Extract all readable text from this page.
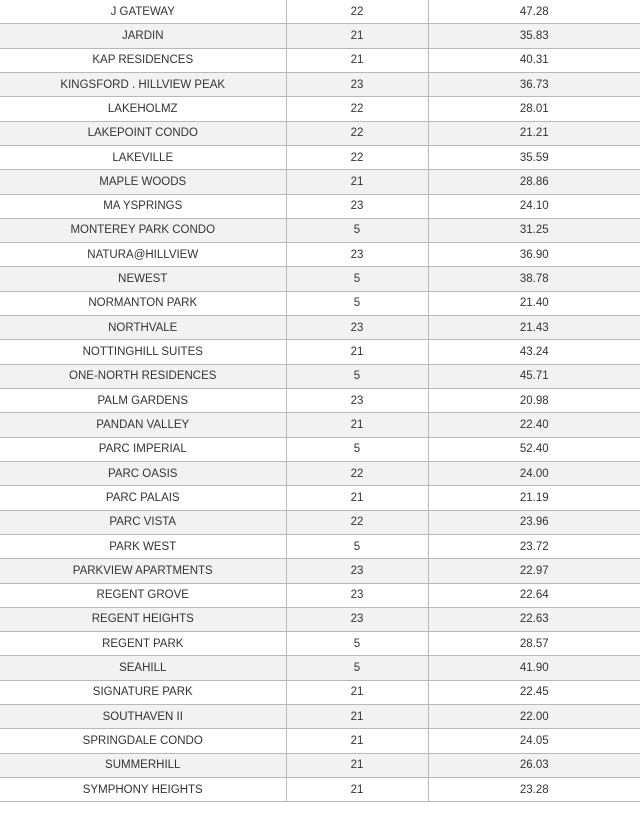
J GATEWAY	22	47.28
JARDIN	21	35.83
KAP RESIDENCES	21	40.31
KINGSFORD . HILLVIEW PEAK	23	36.73
LAKEHOLMZ	22	28.01
LAKEPOINT CONDO	22	21.21
LAKEVILLE	22	35.59
MAPLE WOODS	21	28.86
MA YSPRINGS	23	24.10
MONTEREY PARK CONDO	5	31.25
NATURA@HILLVIEW	23	36.90
NEWEST	5	38.78
NORMANTON PARK	5	21.40
NORTHVALE	23	21.43
NOTTINGHILL SUITES	21	43.24
ONE-NORTH RESIDENCES	5	45.71
PALM GARDENS	23	20.98
PANDAN VALLEY	21	22.40
PARC IMPERIAL	5	52.40
PARC OASIS	22	24.00
PARC PALAIS	21	21.19
PARC VISTA	22	23.96
PARK WEST	5	23.72
PARKVIEW APARTMENTS	23	22.97
REGENT GROVE	23	22.64
REGENT HEIGHTS	23	22.63
REGENT PARK	5	28.57
SEAHILL	5	41.90
SIGNATURE PARK	21	22.45
SOUTHAVEN II	21	22.00
SPRINGDALE CONDO	21	24.05
SUMMERHILL	21	26.03
SYMPHONY HEIGHTS	21	23.28
